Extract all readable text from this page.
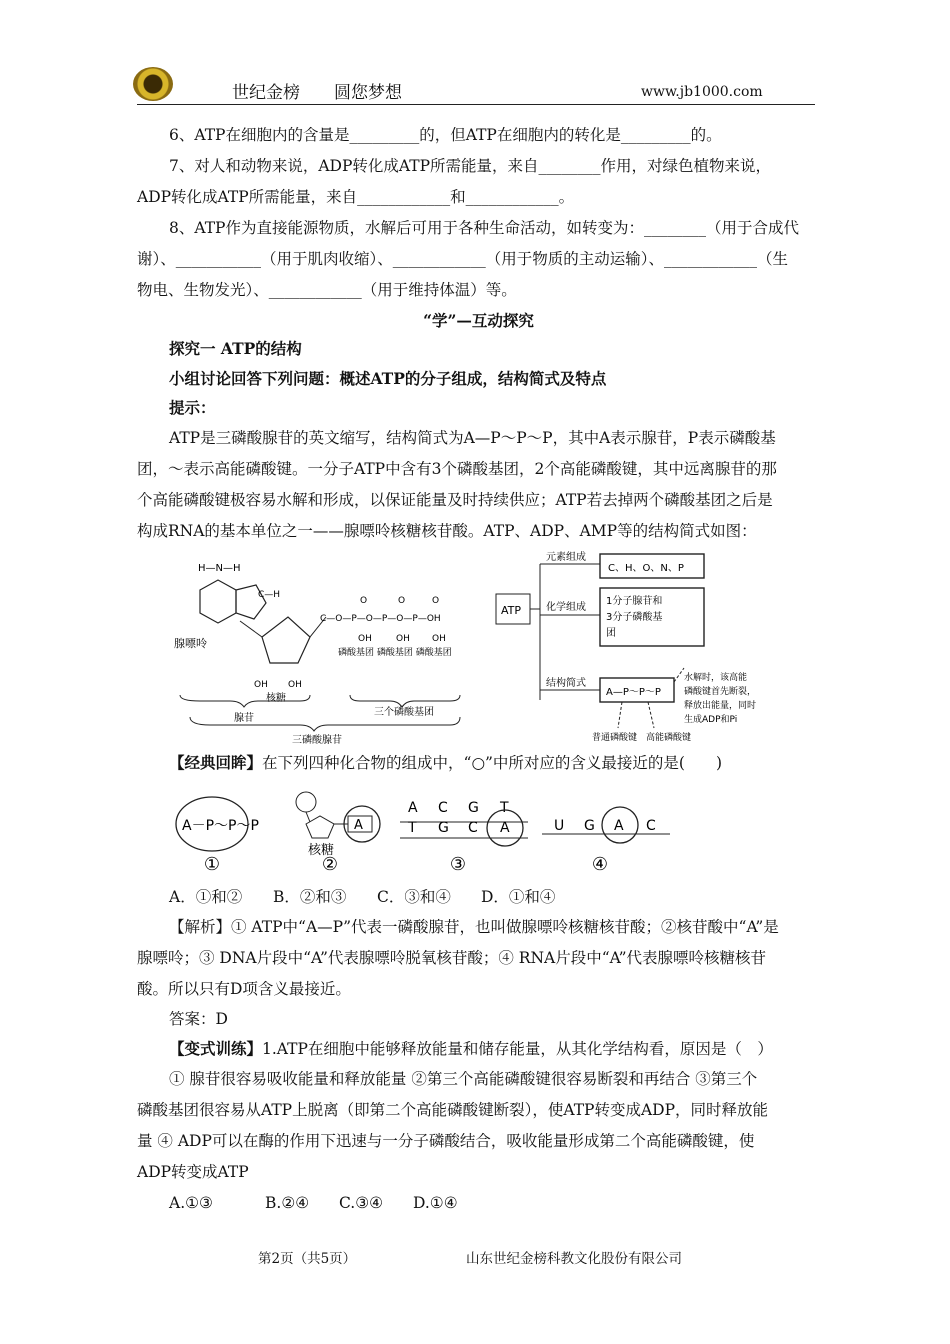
世纪金榜　　圆您梦想	www.jb1000.com
6、ATP在细胞内的含量是_________的，但ATP在细胞内的转化是_________的。
7、对人和动物来说，ADP转化成ATP所需能量，来自________作用，对绿色植物来说，
ADP转化成ATP所需能量，来自____________和____________。
8、ATP作为直接能源物质，水解后可用于各种生命活动，如转变为：________（用于合成代
谢）、___________（用于肌肉收缩）、____________（用于物质的主动运输）、____________（生
物电、生物发光）、____________（用于维持体温）等。
“学”—互动探究
探究一 ATP的结构
小组讨论回答下列问题：概述ATP的分子组成，结构简式及特点
提示：
ATP是三磷酸腺苷的英文缩写，结构简式为A—P～P～P，其中A表示腺苷，P表示磷酸基
团，～表示高能磷酸键。一分子ATP中含有3个磷酸基团，2个高能磷酸键，其中远离腺苷的那
个高能磷酸键极容易水解和形成，以保证能量及时持续供应；ATP若去掉两个磷酸基团之后是
构成RNA的基本单位之一——腺嘌呤核糖核苷酸。ATP、ADP、AMP等的结构简式如图：
H—N—H
C—H
腺嘌呤
OH OH
核糖
C—O—P—O—P—O—P—OH
O	O	O
OH	OH OH
磷酸基团 磷酸基团 磷酸基团
腺苷
三个磷酸基团
三磷酸腺苷
ATP
元素组成
化学组成
结构简式
C、H、O、N、P
1分子腺苷和
3分子磷酸基
团
A—P～P～P
水解时，该高能
磷酸键首先断裂，
释放出能量，同时
生成ADP和Pi
普通磷酸键 高能磷酸键
【经典回眸】在下列四种化合物的组成中，“○”中所对应的含义最接近的是(　　)
A－P～P～P
①
A
核糖
②
A C G T
T G C A
③
U G A C
④
A．①和② B．②和③ C．③和④ D．①和④
【解析】① ATP中“A—P”代表一磷酸腺苷，也叫做腺嘌呤核糖核苷酸；②核苷酸中“A”是
腺嘌呤；③ DNA片段中“A”代表腺嘌呤脱氧核苷酸；④ RNA片段中“A”代表腺嘌呤核糖核苷
酸。所以只有D项含义最接近。
答案：D
【变式训练】1.ATP在细胞中能够释放能量和储存能量，从其化学结构看，原因是（　）
① 腺苷很容易吸收能量和释放能量 ②第三个高能磷酸键很容易断裂和再结合 ③第三个
磷酸基团很容易从ATP上脱离（即第二个高能磷酸键断裂），使ATP转变成ADP，同时释放能
量 ④ ADP可以在酶的作用下迅速与一分子磷酸结合，吸收能量形成第二个高能磷酸键，使
ADP转变成ATP
A.①③	B.②④ C.③④ D.①④
第2页（共5页）	山东世纪金榜科教文化股份有限公司
